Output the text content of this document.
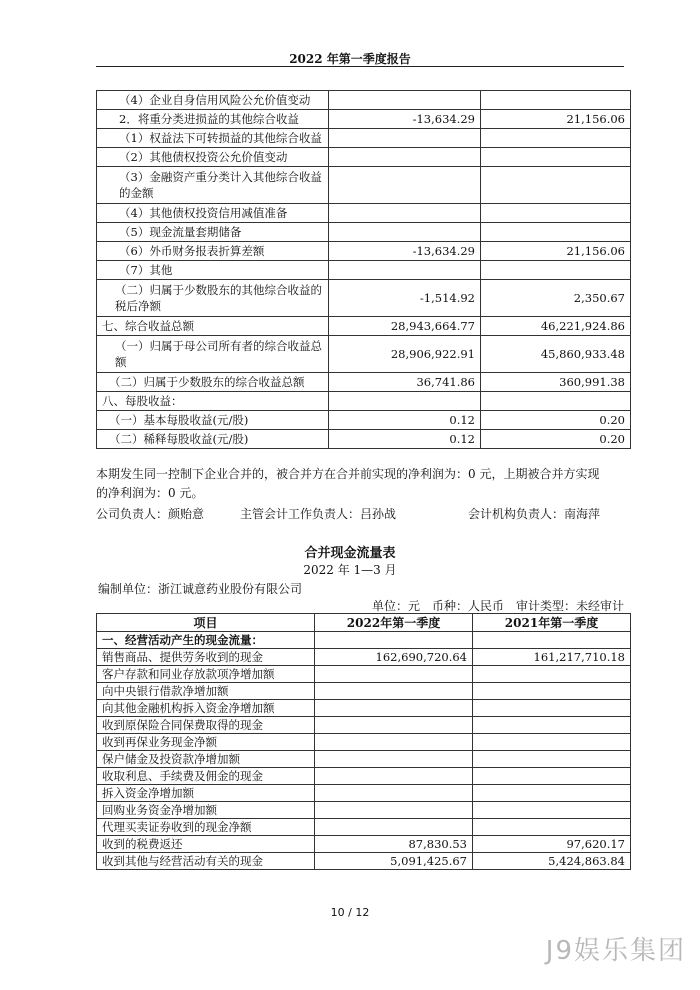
2022 年第一季度报告
（4）企业自身信用风险公允价值变动		
2．将重分类进损益的其他综合收益	-13,634.29	21,156.06
（1）权益法下可转损益的其他综合收益		
（2）其他债权投资公允价值变动		
（3）金融资产重分类计入其他综合收益的金额		
（4）其他债权投资信用减值准备		
（5）现金流量套期储备		
（6）外币财务报表折算差额	-13,634.29	21,156.06
（7）其他		
（二）归属于少数股东的其他综合收益的税后净额	-1,514.92	2,350.67
七、综合收益总额	28,943,664.77	46,221,924.86
（一）归属于母公司所有者的综合收益总额	28,906,922.91	45,860,933.48
（二）归属于少数股东的综合收益总额	36,741.86	360,991.38
八、每股收益：		
（一）基本每股收益(元/股)	0.12	0.20
（二）稀释每股收益(元/股)	0.12	0.20
本期发生同一控制下企业合并的，被合并方在合并前实现的净利润为：0 元，上期被合并方实现
的净利润为：0 元。
公司负责人：颜贻意	主管会计工作负责人：吕孙战	会计机构负责人：南海萍
合并现金流量表
2022 年 1—3 月
编制单位：浙江诚意药业股份有限公司
单位：元　币种：人民币　审计类型：未经审计
项目	2022年第一季度	2021年第一季度
一、经营活动产生的现金流量：		
销售商品、提供劳务收到的现金	162,690,720.64	161,217,710.18
客户存款和同业存放款项净增加额		
向中央银行借款净增加额		
向其他金融机构拆入资金净增加额		
收到原保险合同保费取得的现金		
收到再保业务现金净额		
保户储金及投资款净增加额		
收取利息、手续费及佣金的现金		
拆入资金净增加额		
回购业务资金净增加额		
代理买卖证券收到的现金净额		
收到的税费返还	87,830.53	97,620.17
收到其他与经营活动有关的现金	5,091,425.67	5,424,863.84
10 / 12
J9娱乐集团
